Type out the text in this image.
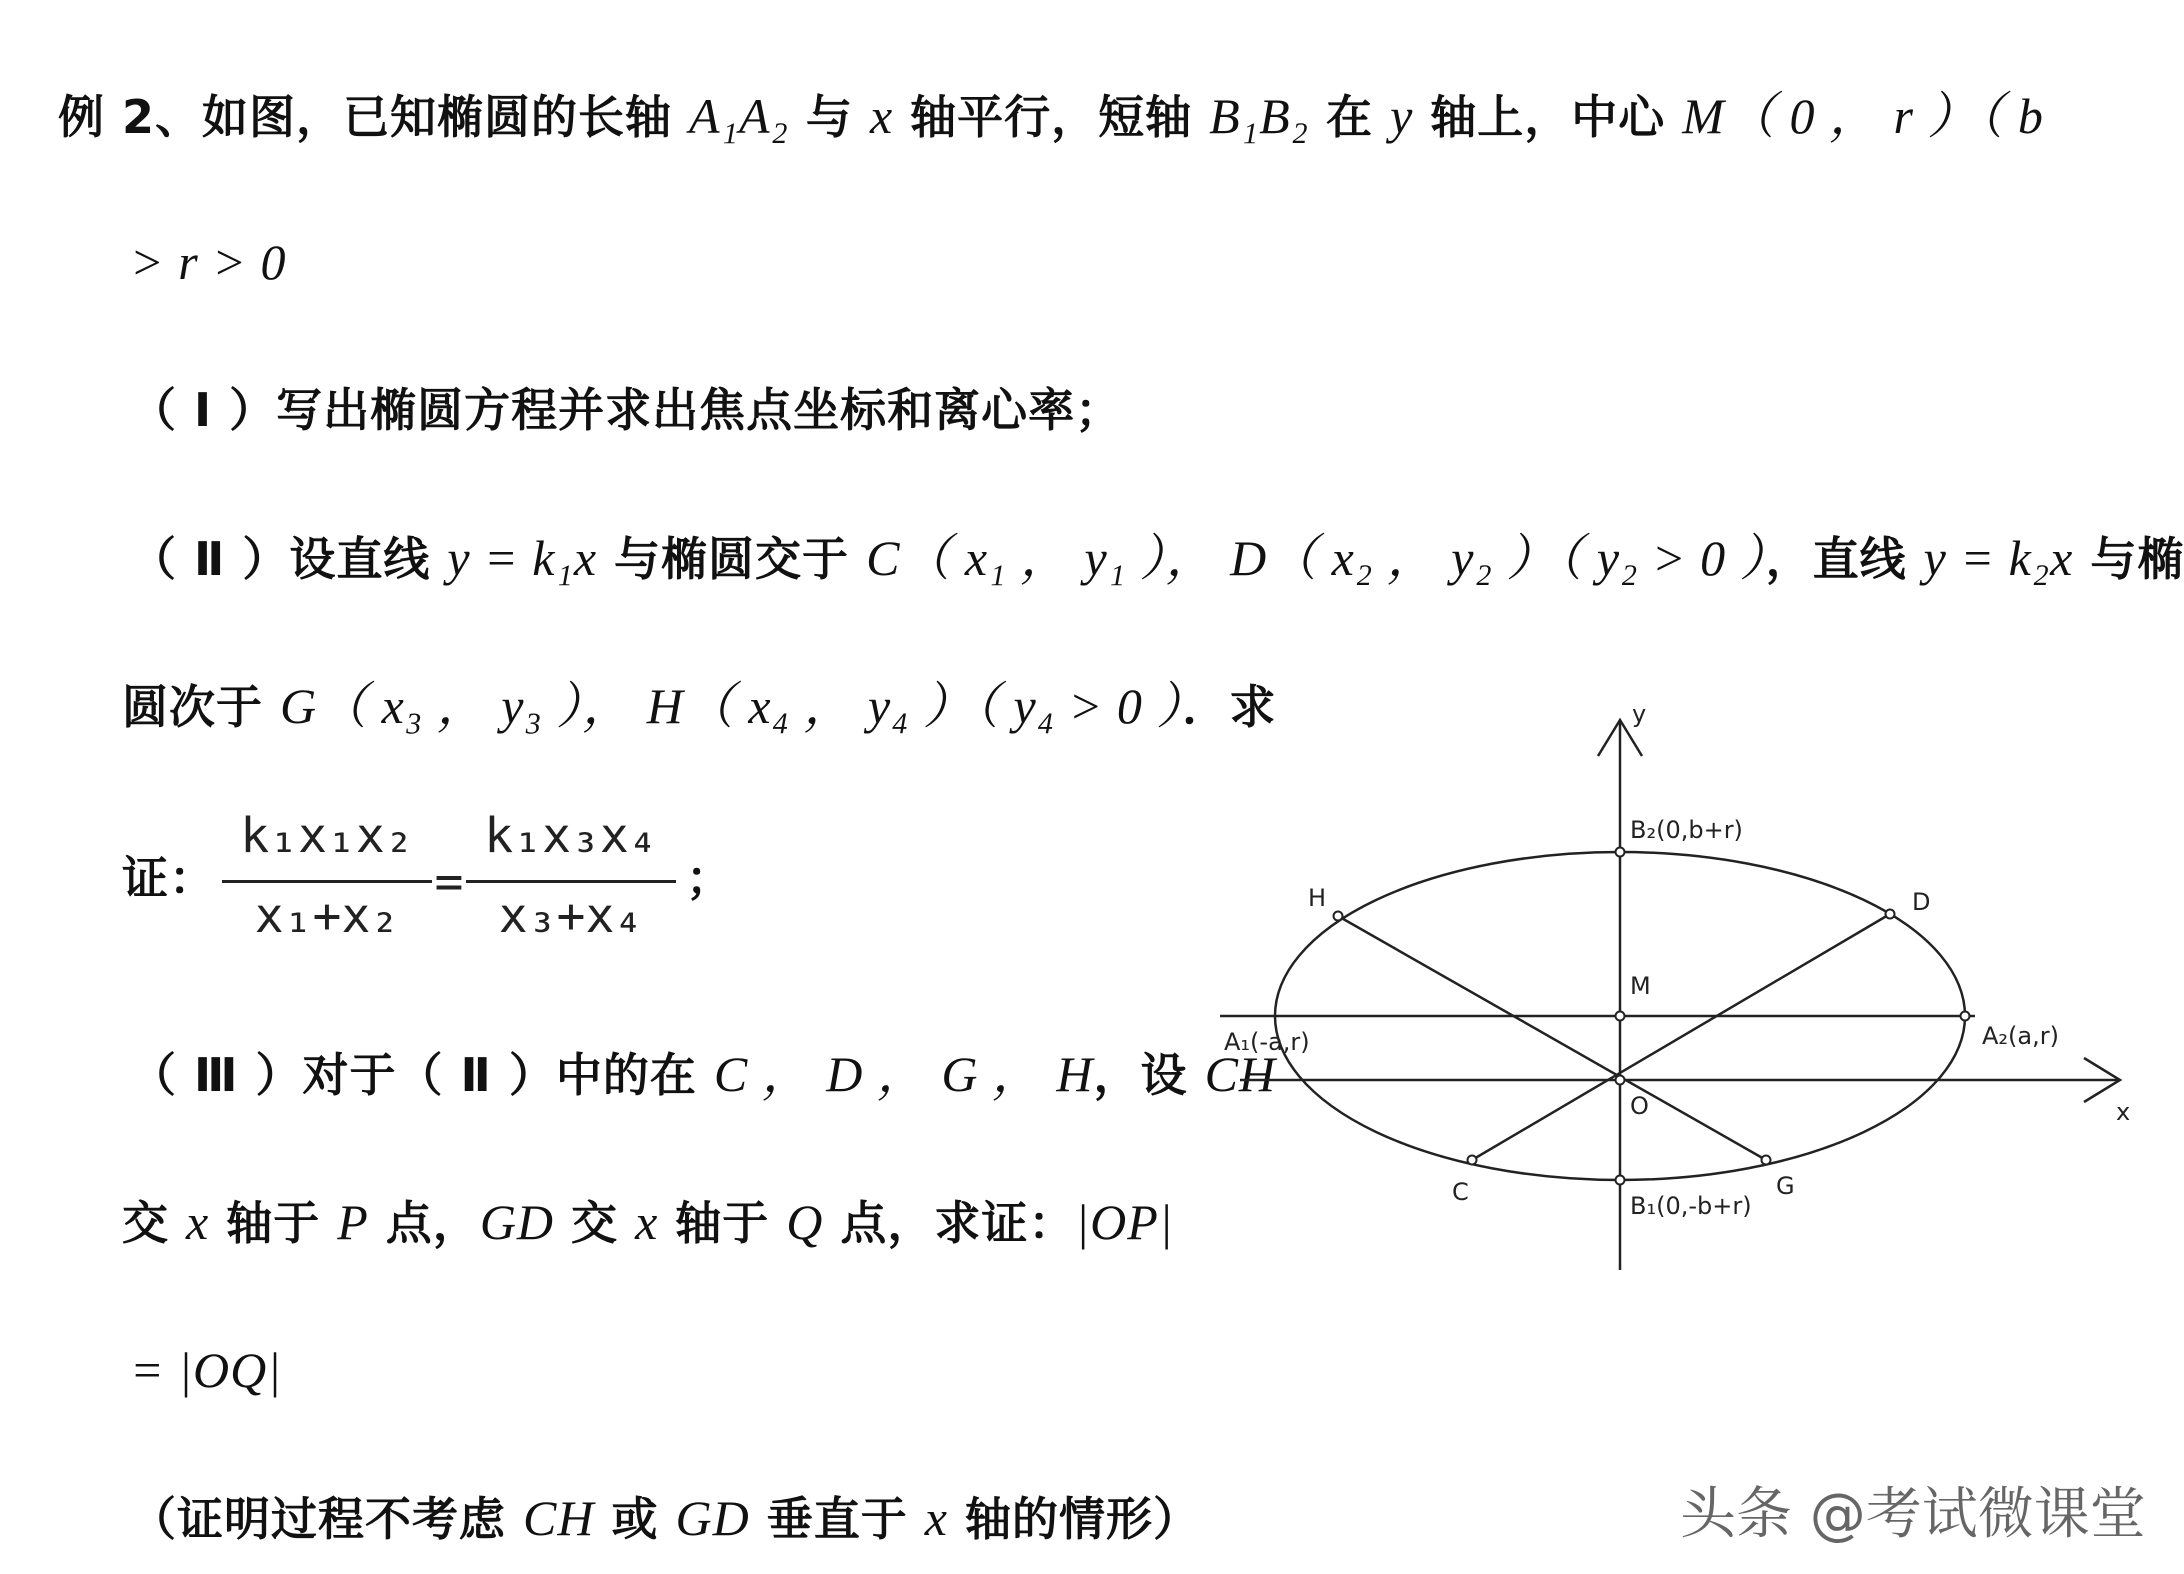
例 2、如图，已知椭圆的长轴 A₁A₂ 与 x 轴平行，短轴 B₁B₂ 在 y 轴上，中心 M（ 0 ， r ）（ b
> r > 0
（ Ⅰ ）写出椭圆方程并求出焦点坐标和离心率；
（ Ⅱ ）设直线 y = k₁x 与椭圆交于 C（ x₁ ， y₁ ）， D（ x₂ ， y₂ ）（ y₂ > 0 ），直线 y = k₂x 与椭
圆次于 G（ x₃ ， y₃ ）， H（ x₄ ， y₄ ）（ y₄ > 0 ）．求
证：
k₁x₁x₂
x₁+x₂
=
k₁x₃x₄
x₃+x₄
；
（ Ⅲ ）对于（ Ⅱ ）中的在 C ， D ， G ， H，设 CH
交 x 轴于 P 点，GD 交 x 轴于 Q 点，求证：|OP|
= |OQ|
（证明过程不考虑 CH 或 GD 垂直于 x 轴的情形）
y
x
B₂(0,b+r)
B₁(0,-b+r)
A₁(-a,r)	A₂(a,r)
M
O
H	D
C	G
头条 @考试微课堂
